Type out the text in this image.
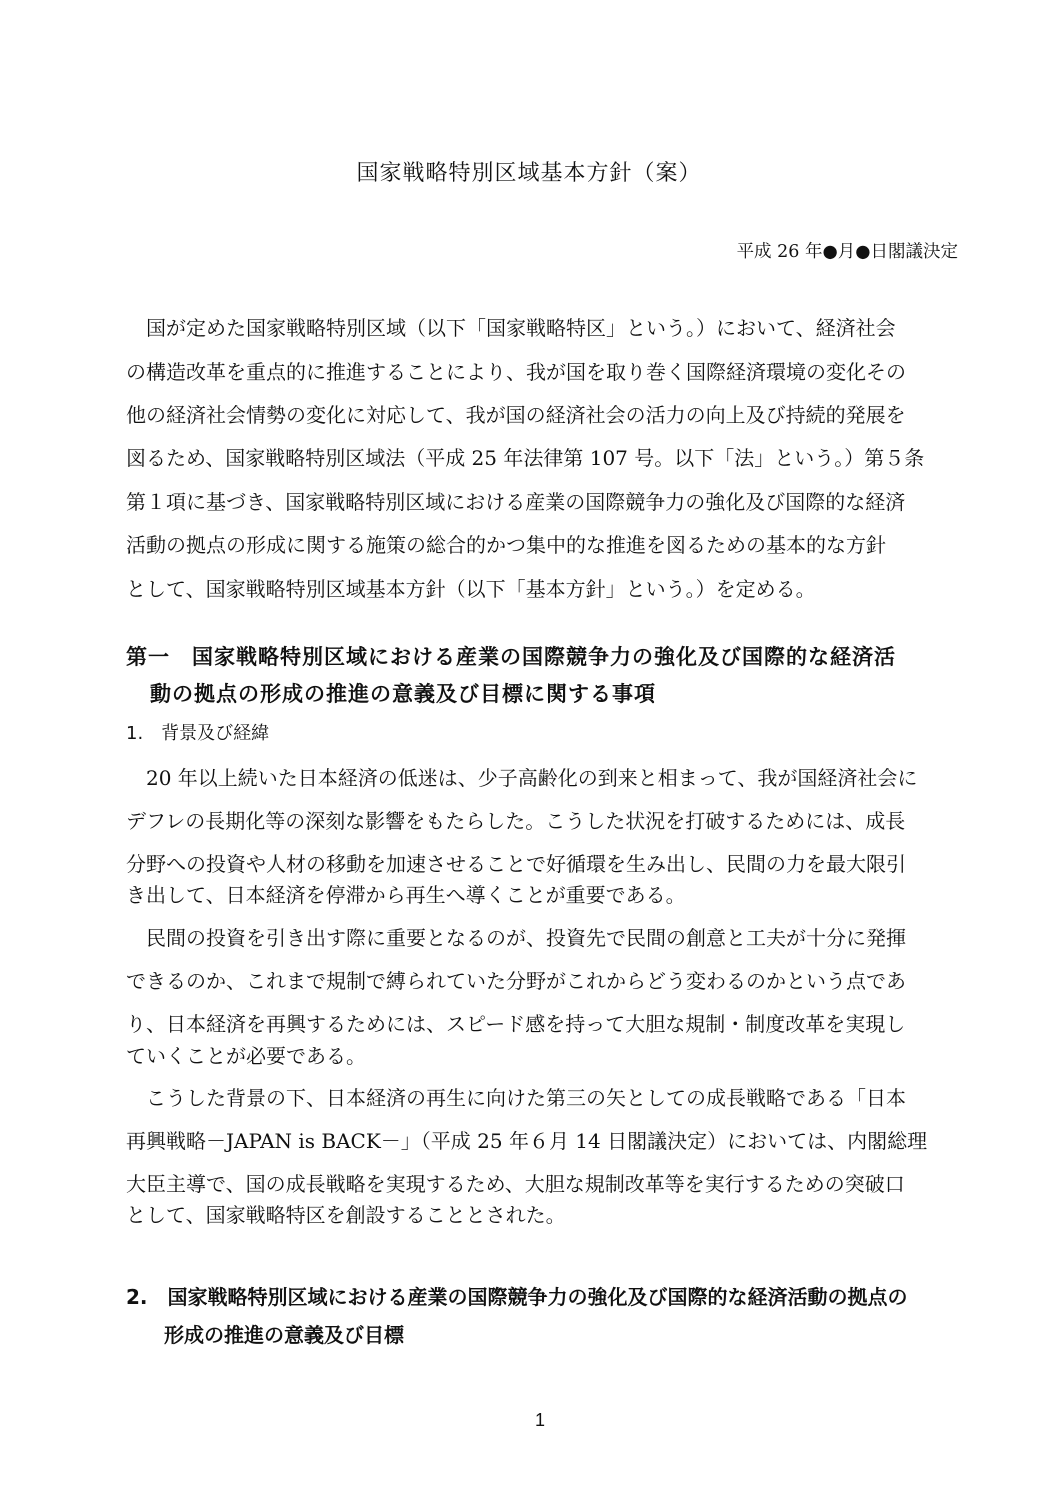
国家戦略特別区域基本方針（案）
平成 26 年●月●日閣議決定
国が定めた国家戦略特別区域（以下「国家戦略特区」という。）において、経済社会
の構造改革を重点的に推進することにより、我が国を取り巻く国際経済環境の変化その
他の経済社会情勢の変化に対応して、我が国の経済社会の活力の向上及び持続的発展を
図るため、国家戦略特別区域法（平成 25 年法律第 107 号。以下「法」という。）第５条
第１項に基づき、国家戦略特別区域における産業の国際競争力の強化及び国際的な経済
活動の拠点の形成に関する施策の総合的かつ集中的な推進を図るための基本的な方針
として、国家戦略特別区域基本方針（以下「基本方針」という。）を定める。
第一　国家戦略特別区域における産業の国際競争力の強化及び国際的な経済活
動の拠点の形成の推進の意義及び目標に関する事項
1.　背景及び経緯
20 年以上続いた日本経済の低迷は、少子高齢化の到来と相まって、我が国経済社会に
デフレの長期化等の深刻な影響をもたらした。こうした状況を打破するためには、成長
分野への投資や人材の移動を加速させることで好循環を生み出し、民間の力を最大限引
き出して、日本経済を停滞から再生へ導くことが重要である。
民間の投資を引き出す際に重要となるのが、投資先で民間の創意と工夫が十分に発揮
できるのか、これまで規制で縛られていた分野がこれからどう変わるのかという点であ
り、日本経済を再興するためには、スピード感を持って大胆な規制・制度改革を実現し
ていくことが必要である。
こうした背景の下、日本経済の再生に向けた第三の矢としての成長戦略である「日本
再興戦略－JAPAN is BACK－」（平成 25 年６月 14 日閣議決定）においては、内閣総理
大臣主導で、国の成長戦略を実現するため、大胆な規制改革等を実行するための突破口
として、国家戦略特区を創設することとされた。
2.　国家戦略特別区域における産業の国際競争力の強化及び国際的な経済活動の拠点の
形成の推進の意義及び目標
1
